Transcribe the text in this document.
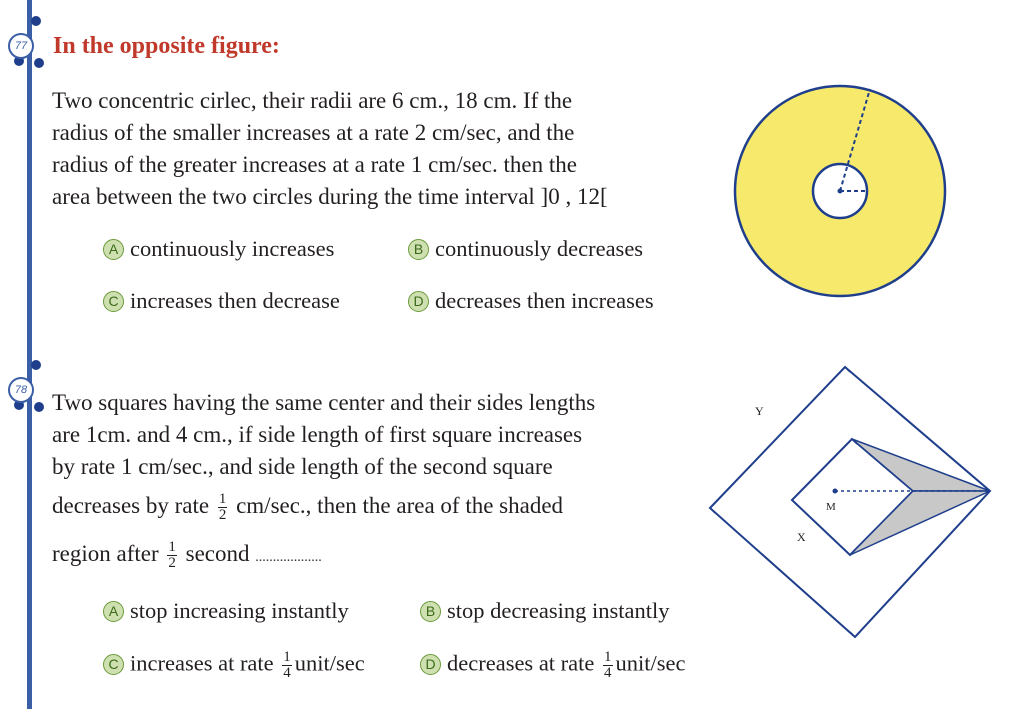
77 In the opposite figure:
Two concentric cirlec, their radii are 6 cm., 18 cm. If the
radius of the smaller increases at a rate 2 cm/sec, and the
radius of the greater increases at a rate 1 cm/sec. then the
area between the two circles during the time interval ]0 , 12[
A continuously increases	B continuously decreases
C increases then decrease	D decreases then increases
78 Two squares having the same center and their sides lengths
are 1cm. and 4 cm., if side length of first square increases
by rate 1 cm/sec., and side length of the second square
decreases by rate $\frac{1}{2} cm/\sec$., then the area of the shaded
region after $\frac{1}{2}$ second ...................
A stop increasing instantly	B stop decreasing instantly
C increases at rate $\frac{1}{4}$ unit/sec	D decreases at rate $\frac{1}{4}$ unit/sec
Y
M
X
